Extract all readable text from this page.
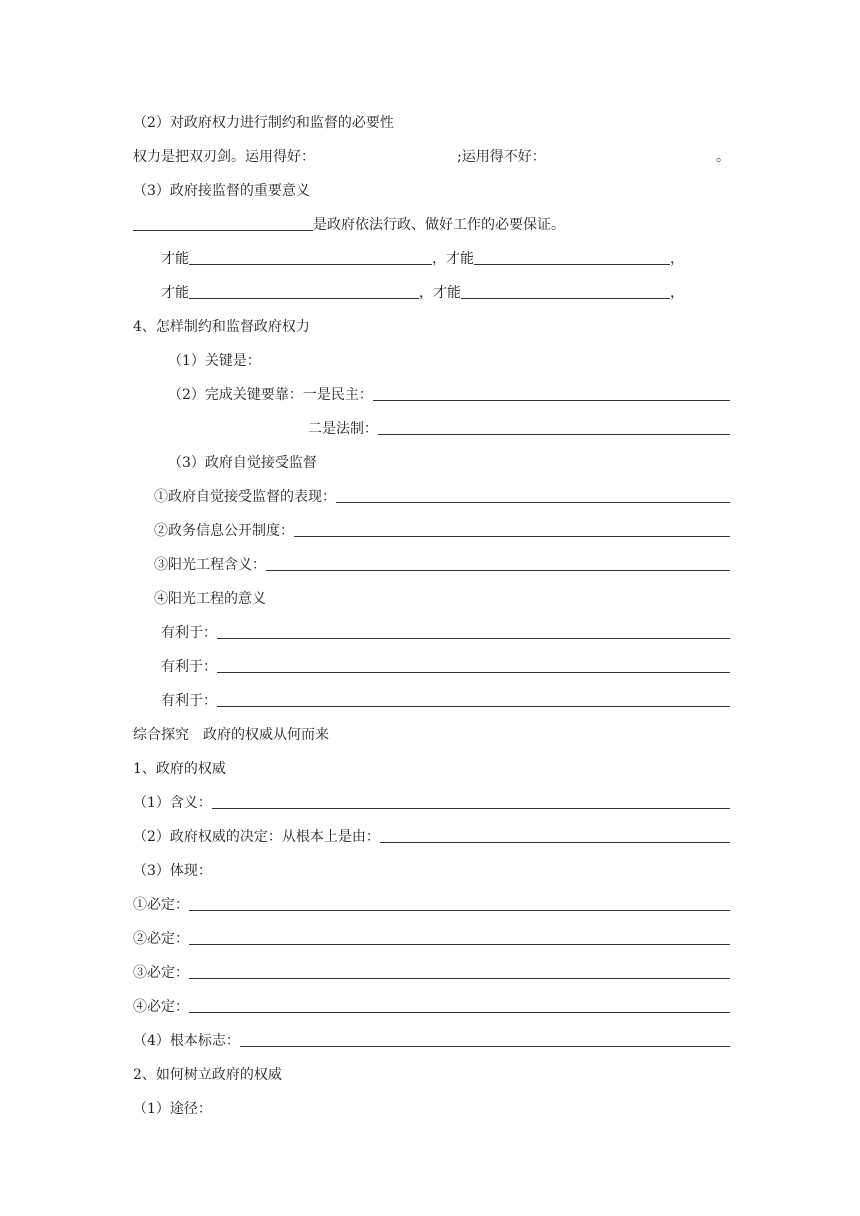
（2）对政府权力进行制约和监督的必要性
权力是把双刃剑。运用得好：	;运用得不好：	。
（3）政府接监督的重要意义
是政府依法行政、做好工作的必要保证。
才能	，才能	，
才能	，才能	，
4、怎样制约和监督政府权力
（1）关键是：
（2）完成关键要靠：一是民主：
二是法制：
（3）政府自觉接受监督
①政府自觉接受监督的表现：
②政务信息公开制度：
③阳光工程含义：
④阳光工程的意义
有利于：
有利于：
有利于：
综合探究　政府的权威从何而来
1、政府的权威
（1）含义：
（2）政府权威的决定：从根本上是由：
（3）体现：
①必定：
②必定：
③必定：
④必定：
（4）根本标志：
2、如何树立政府的权威
（1）途径：
